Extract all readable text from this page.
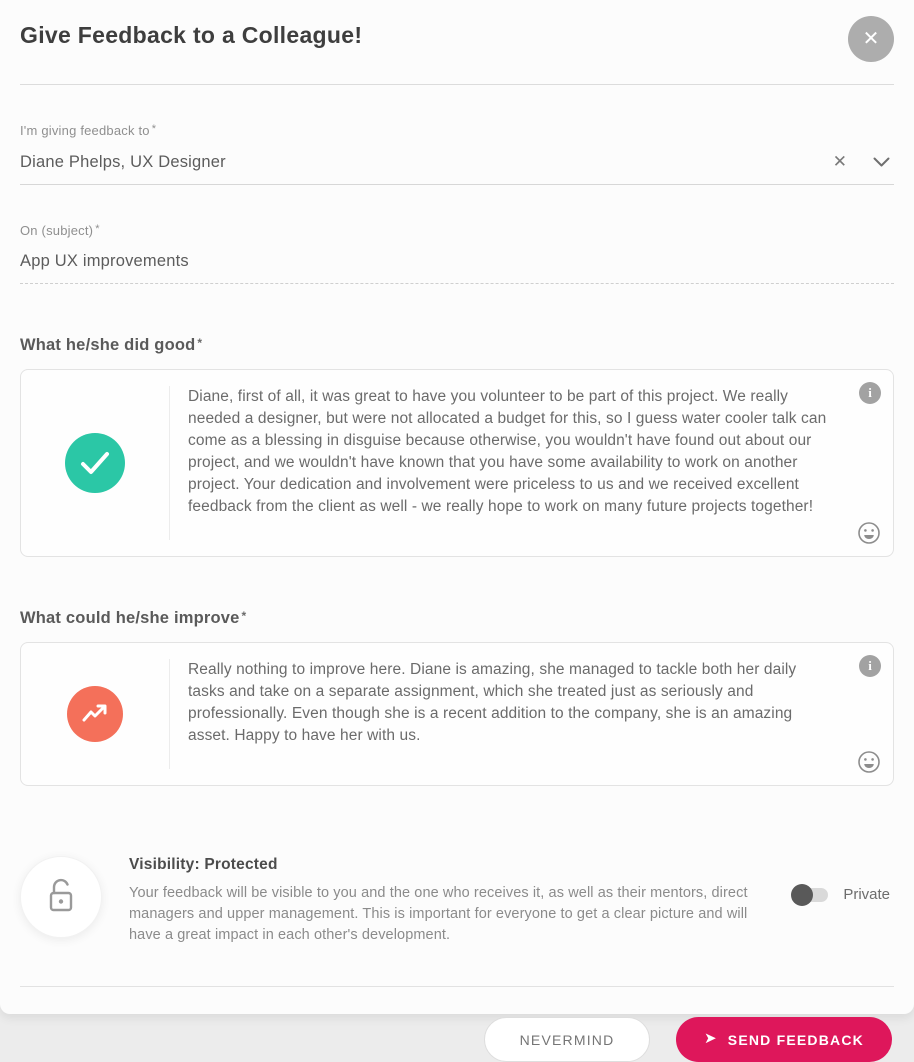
Give Feedback to a Colleague!	✕
I'm giving feedback to *
Diane Phelps, UX Designer	✕
On (subject) *
App UX improvements
What he/she did good *
Diane, first of all, it was great to have you volunteer to be part of this project. We really needed a designer, but were not allocated a budget for this, so I guess water cooler talk can come as a blessing in disguise because otherwise, you wouldn't have found out about our project, and we wouldn't have known that you have some availability to work on another project. Your dedication and involvement were priceless to us and we received excellent feedback from the client as well - we really hope to work on many future projects together!
i
What could he/she improve *
Really nothing to improve here. Diane is amazing, she managed to tackle both her daily tasks and take on a separate assignment, which she treated just as seriously and professionally. Even though she is a recent addition to the company, she is an amazing asset. Happy to have her with us.
i
Visibility: Protected
Your feedback will be visible to you and the one who receives it, as well as their mentors, direct managers and upper management. This is important for everyone to get a clear picture and will have a great impact in each other's development.
Private
NEVERMIND	➤ SEND FEEDBACK
